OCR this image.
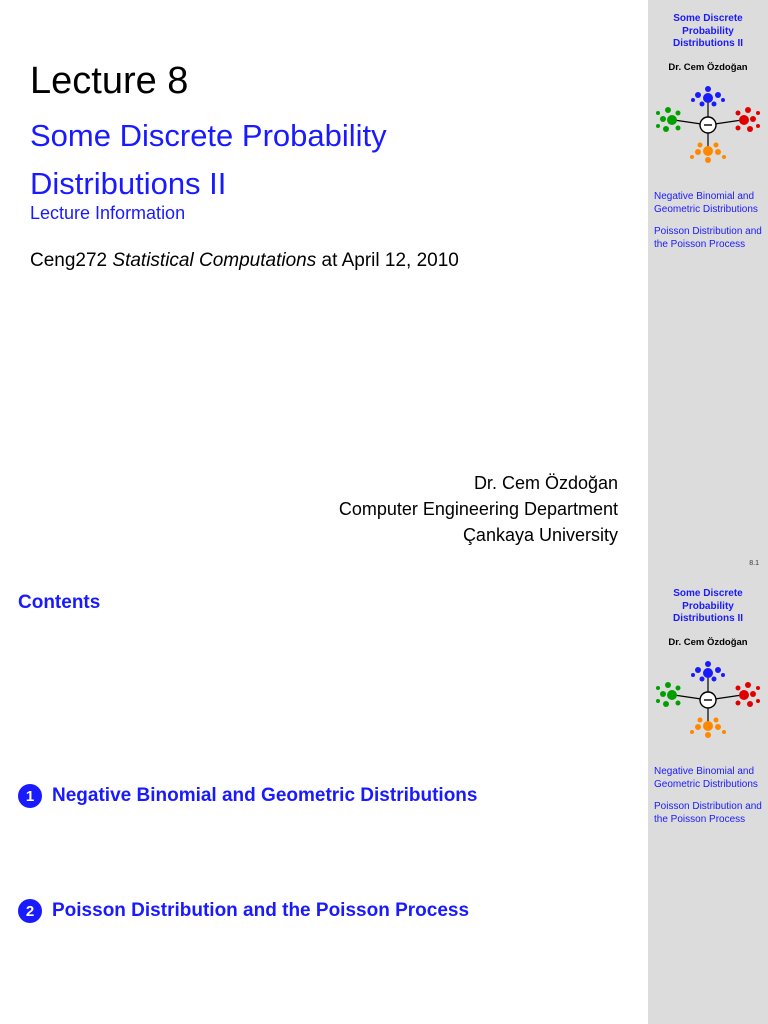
Lecture 8
Some Discrete Probability
Distributions II
Lecture Information
Ceng272 Statistical Computations at April 12, 2010
Dr. Cem Özdoğan
Computer Engineering Department
Çankaya University
Some Discrete
Probability
Distributions II
Dr. Cem Özdoğan
Negative Binomial and Geometric Distributions
Poisson Distribution and the Poisson Process
8.1
Contents
1 Negative Binomial and Geometric Distributions
2 Poisson Distribution and the Poisson Process
Some Discrete
Probability
Distributions II
Dr. Cem Özdoğan
Negative Binomial and Geometric Distributions
Poisson Distribution and the Poisson Process
